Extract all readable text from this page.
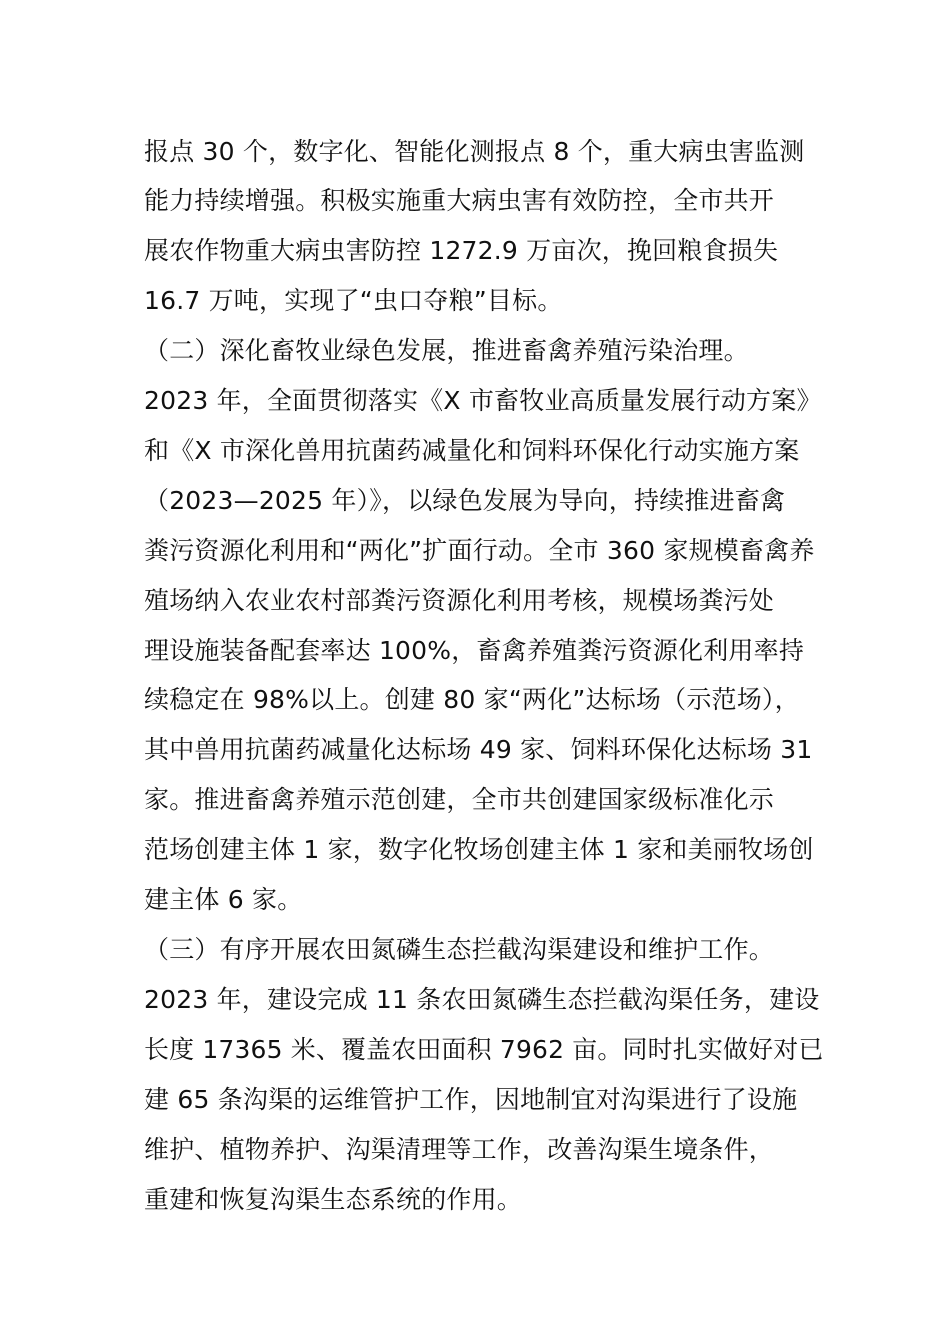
报点 30 个，数字化、智能化测报点 8 个，重大病虫害监测
能力持续增强。积极实施重大病虫害有效防控，全市共开
展农作物重大病虫害防控 1272.9 万亩次，挽回粮食损失
16.7 万吨，实现了“虫口夺粮”目标。
（二）深化畜牧业绿色发展，推进畜禽养殖污染治理。
2023 年，全面贯彻落实《X 市畜牧业高质量发展行动方案》
和《X 市深化兽用抗菌药减量化和饲料环保化行动实施方案
（2023—2025 年）》，以绿色发展为导向，持续推进畜禽
粪污资源化利用和“两化”扩面行动。全市 360 家规模畜禽养
殖场纳入农业农村部粪污资源化利用考核，规模场粪污处
理设施装备配套率达 100%，畜禽养殖粪污资源化利用率持
续稳定在 98%以上。创建 80 家“两化”达标场（示范场），
其中兽用抗菌药减量化达标场 49 家、饲料环保化达标场 31
家。推进畜禽养殖示范创建，全市共创建国家级标准化示
范场创建主体 1 家，数字化牧场创建主体 1 家和美丽牧场创
建主体 6 家。
（三）有序开展农田氮磷生态拦截沟渠建设和维护工作。
2023 年，建设完成 11 条农田氮磷生态拦截沟渠任务，建设
长度 17365 米、覆盖农田面积 7962 亩。同时扎实做好对已
建 65 条沟渠的运维管护工作，因地制宜对沟渠进行了设施
维护、植物养护、沟渠清理等工作，改善沟渠生境条件，
重建和恢复沟渠生态系统的作用。
